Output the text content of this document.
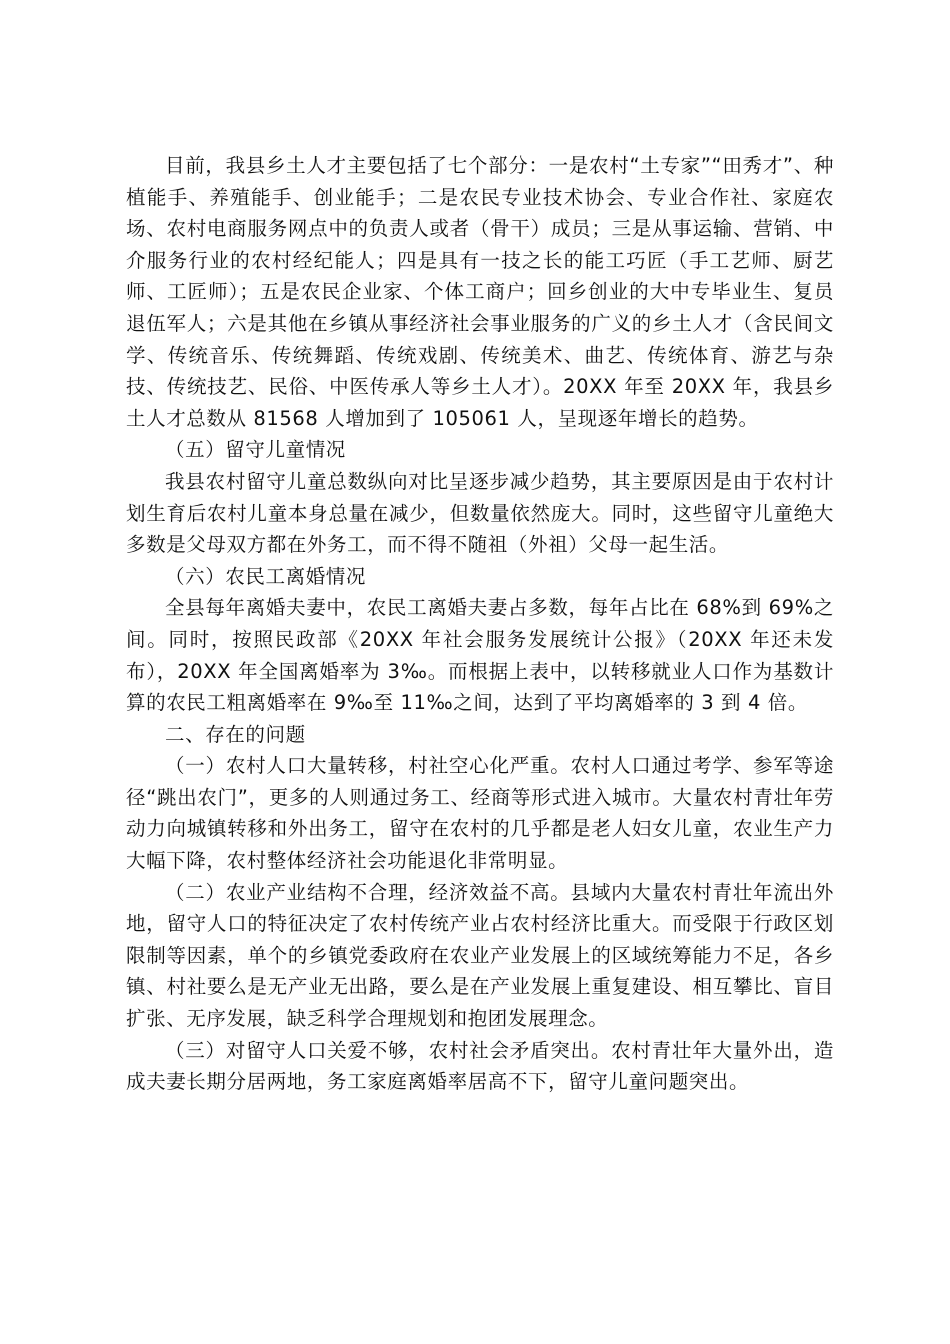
目前，我县乡土人才主要包括了七个部分：一是农村“土专家”“田秀才”、种植能手、养殖能手、创业能手；二是农民专业技术协会、专业合作社、家庭农场、农村电商服务网点中的负责人或者（骨干）成员；三是从事运输、营销、中介服务行业的农村经纪能人；四是具有一技之长的能工巧匠（手工艺师、厨艺师、工匠师）；五是农民企业家、个体工商户；回乡创业的大中专毕业生、复员退伍军人；六是其他在乡镇从事经济社会事业服务的广义的乡土人才（含民间文学、传统音乐、传统舞蹈、传统戏剧、传统美术、曲艺、传统体育、游艺与杂技、传统技艺、民俗、中医传承人等乡土人才）。20XX 年至 20XX 年，我县乡土人才总数从 81568 人增加到了 105061 人，呈现逐年增长的趋势。

（五）留守儿童情况

我县农村留守儿童总数纵向对比呈逐步减少趋势，其主要原因是由于农村计划生育后农村儿童本身总量在减少，但数量依然庞大。同时，这些留守儿童绝大多数是父母双方都在外务工，而不得不随祖（外祖）父母一起生活。

（六）农民工离婚情况

全县每年离婚夫妻中，农民工离婚夫妻占多数，每年占比在 68%到 69%之间。同时，按照民政部《20XX 年社会服务发展统计公报》（20XX 年还未发布），20XX 年全国离婚率为 3‰。而根据上表中，以转移就业人口作为基数计算的农民工粗离婚率在 9‰至 11‰之间，达到了平均离婚率的 3 到 4 倍。

二、存在的问题

（一）农村人口大量转移，村社空心化严重。农村人口通过考学、参军等途径“跳出农门”，更多的人则通过务工、经商等形式进入城市。大量农村青壮年劳动力向城镇转移和外出务工，留守在农村的几乎都是老人妇女儿童，农业生产力大幅下降，农村整体经济社会功能退化非常明显。

（二）农业产业结构不合理，经济效益不高。县域内大量农村青壮年流出外地，留守人口的特征决定了农村传统产业占农村经济比重大。而受限于行政区划限制等因素，单个的乡镇党委政府在农业产业发展上的区域统筹能力不足，各乡镇、村社要么是无产业无出路，要么是在产业发展上重复建设、相互攀比、盲目扩张、无序发展，缺乏科学合理规划和抱团发展理念。

（三）对留守人口关爱不够，农村社会矛盾突出。农村青壮年大量外出，造成夫妻长期分居两地，务工家庭离婚率居高不下，留守儿童问题突出。
